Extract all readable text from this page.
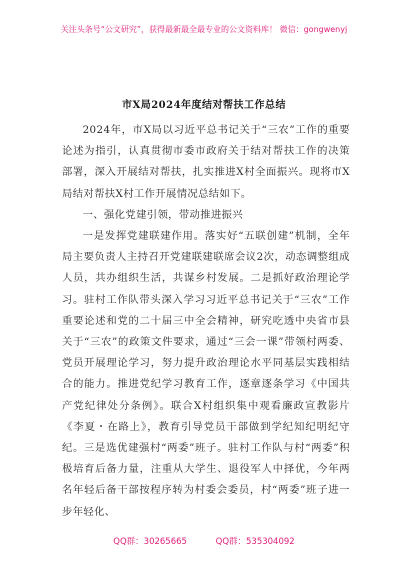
关注头条号“公文研究”，获得最新最全最专业的公文资料库！ 微信：gongwenyj
市X局2024年度结对帮扶工作总结

2024年，市X局以习近平总书记关于“三农”工作的重要论述为指引，认真贯彻市委市政府关于结对帮扶工作的决策部署，深入开展结对帮扶，扎实推进X村全面振兴。现将市X局结对帮扶X村工作开展情况总结如下。

一、强化党建引领，带动推进振兴

一是发挥党建联建作用。落实好“五联创建”机制，全年局主要负责人主持召开党建联建联席会议2次，动态调整组成人员，共办组织生活，共谋乡村发展。二是抓好政治理论学习。驻村工作队带头深入学习习近平总书记关于“三农”工作重要论述和党的二十届三中全会精神，研究吃透中央省市县关于“三农”的政策文件要求，通过“三会一课”带领村两委、党员开展理论学习，努力提升政治理论水平同基层实践相结合的能力。推进党纪学习教育工作，逐章逐条学习《中国共产党纪律处分条例》。联合X村组织集中观看廉政宣教影片《李夏・在路上》，教育引导党员干部做到学纪知纪明纪守纪。三是选优建强村“两委”班子。驻村工作队与村“两委”积极培育后备力量，注重从大学生、退役军人中择优，今年两名年轻后备干部按程序转为村委会委员，村“两委”班子进一步年轻化、

QQ群：30265665	QQ群：535304092
